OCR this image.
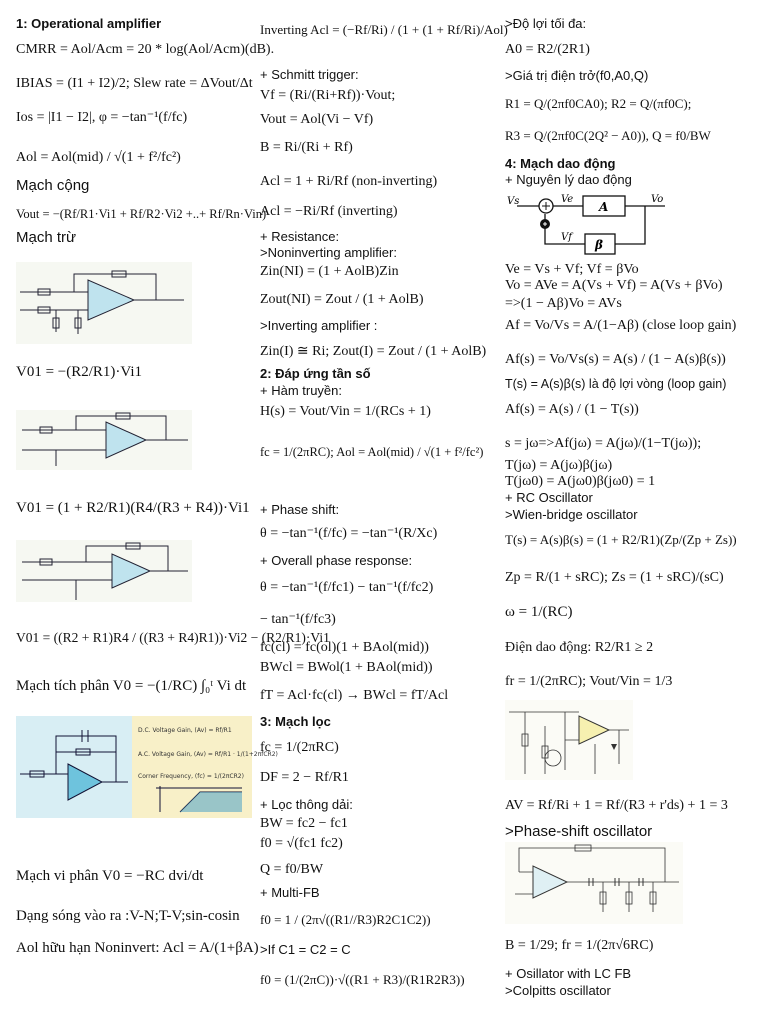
1: Operational amplifier
CMRR = Aol/Acm = 20 * log(Aol/Acm)(dB).
IBIAS = (I1 + I2)/2; Slew rate = ΔVout/Δt
Ios = |I1 − I2|, φ = −tan⁻¹(f/fc)
Aol = Aol(mid) / √(1 + f²/fc²)
Mạch cộng
Vout = −(Rf/R1·Vi1 + Rf/R2·Vi2 +..+ Rf/Rn·Vin)
Mạch trừ
V01 = −(R2/R1)·Vi1
V01 = (1 + R2/R1)(R4/(R3 + R4))·Vi1
V01 = ((R2 + R1)R4 / ((R3 + R4)R1))·Vi2 − (R2/R1)·Vi1
Mạch tích phân V0 = −(1/RC) ∫₀ᵗ Vi dt
D.C. Voltage Gain, (Av) = Rf/R1
A.C. Voltage Gain, (Av) = Rf/R1 · 1/(1+2πfCR2)
Corner Frequency, (fc) = 1/(2πCR2)
Mạch vi phân V0 = −RC dvi/dt
Dạng sóng vào ra :V-N;T-V;sin-cosin
Aol hữu hạn Noninvert: Acl = A/(1+βA)
Inverting Acl = (−Rf/Ri) / (1 + (1 + Rf/Ri)/Aol)
+ Schmitt trigger:
Vf = (Ri/(Ri+Rf))·Vout;
Vout = Aol(Vi − Vf)
B = Ri/(Ri + Rf)
Acl = 1 + Ri/Rf (non-inverting)
Acl = −Ri/Rf (inverting)
+ Resistance:
>Noninverting amplifier:
Zin(NI) = (1 + AolB)Zin
Zout(NI) = Zout / (1 + AolB)
>Inverting amplifier :
Zin(I) ≅ Ri; Zout(I) = Zout / (1 + AolB)
2: Đáp ứng tần số
+ Hàm truyền:
H(s) = Vout/Vin = 1/(RCs + 1)
fc = 1/(2πRC); Aol = Aol(mid) / √(1 + f²/fc²)
+ Phase shift:
θ = −tan⁻¹(f/fc) = −tan⁻¹(R/Xc)
+ Overall phase response:
θ = −tan⁻¹(f/fc1) − tan⁻¹(f/fc2)
− tan⁻¹(f/fc3)
fc(cl) = fc(ol)(1 + BAol(mid))
BWcl = BWol(1 + BAol(mid))
fT = Acl·fc(cl) → BWcl = fT/Acl
3: Mạch lọc
fc = 1/(2πRC)
DF = 2 − Rf/R1
+ Lọc thông dải:
BW = fc2 − fc1
f0 = √(fc1 fc2)
Q = f0/BW
+ Multi-FB
f0 = 1 / (2π√((R1//R3)R2C1C2))
>If C1 = C2 = C
f0 = (1/(2πC))·√((R1 + R3)/(R1R2R3))
>Độ lợi tối đa:
A0 = R2/(2R1)
>Giá trị điện trở(f0,A0,Q)
R1 = Q/(2πf0CA0); R2 = Q/(πf0C);
R3 = Q/(2πf0C(2Q² − A0)), Q = f0/BW
4: Mạch dao động
+ Nguyên lý dao động
Vs	Ve
A
Vo
Vf
β
Ve = Vs + Vf; Vf = βVo
Vo = AVe = A(Vs + Vf) = A(Vs + βVo)
=>(1 − Aβ)Vo = AVs
Af = Vo/Vs = A/(1−Aβ) (close loop gain)
Af(s) = Vo/Vs(s) = A(s) / (1 − A(s)β(s))
T(s) = A(s)β(s) là độ lợi vòng (loop gain)
Af(s) = A(s) / (1 − T(s))
s = jω=>Af(jω) = A(jω)/(1−T(jω));
T(jω) = A(jω)β(jω)
T(jω0) = A(jω0)β(jω0) = 1
+ RC Oscillator
>Wien-bridge oscillator
T(s) = A(s)β(s) = (1 + R2/R1)(Zp/(Zp + Zs))
Zp = R/(1 + sRC); Zs = (1 + sRC)/(sC)
ω = 1/(RC)
Điện dao động: R2/R1 ≥ 2
fr = 1/(2πRC); Vout/Vin = 1/3
AV = Rf/Ri + 1 = Rf/(R3 + r'ds) + 1 = 3
>Phase-shift oscillator
B = 1/29; fr = 1/(2π√6RC)
+ Osillator with LC FB
>Colpitts oscillator
